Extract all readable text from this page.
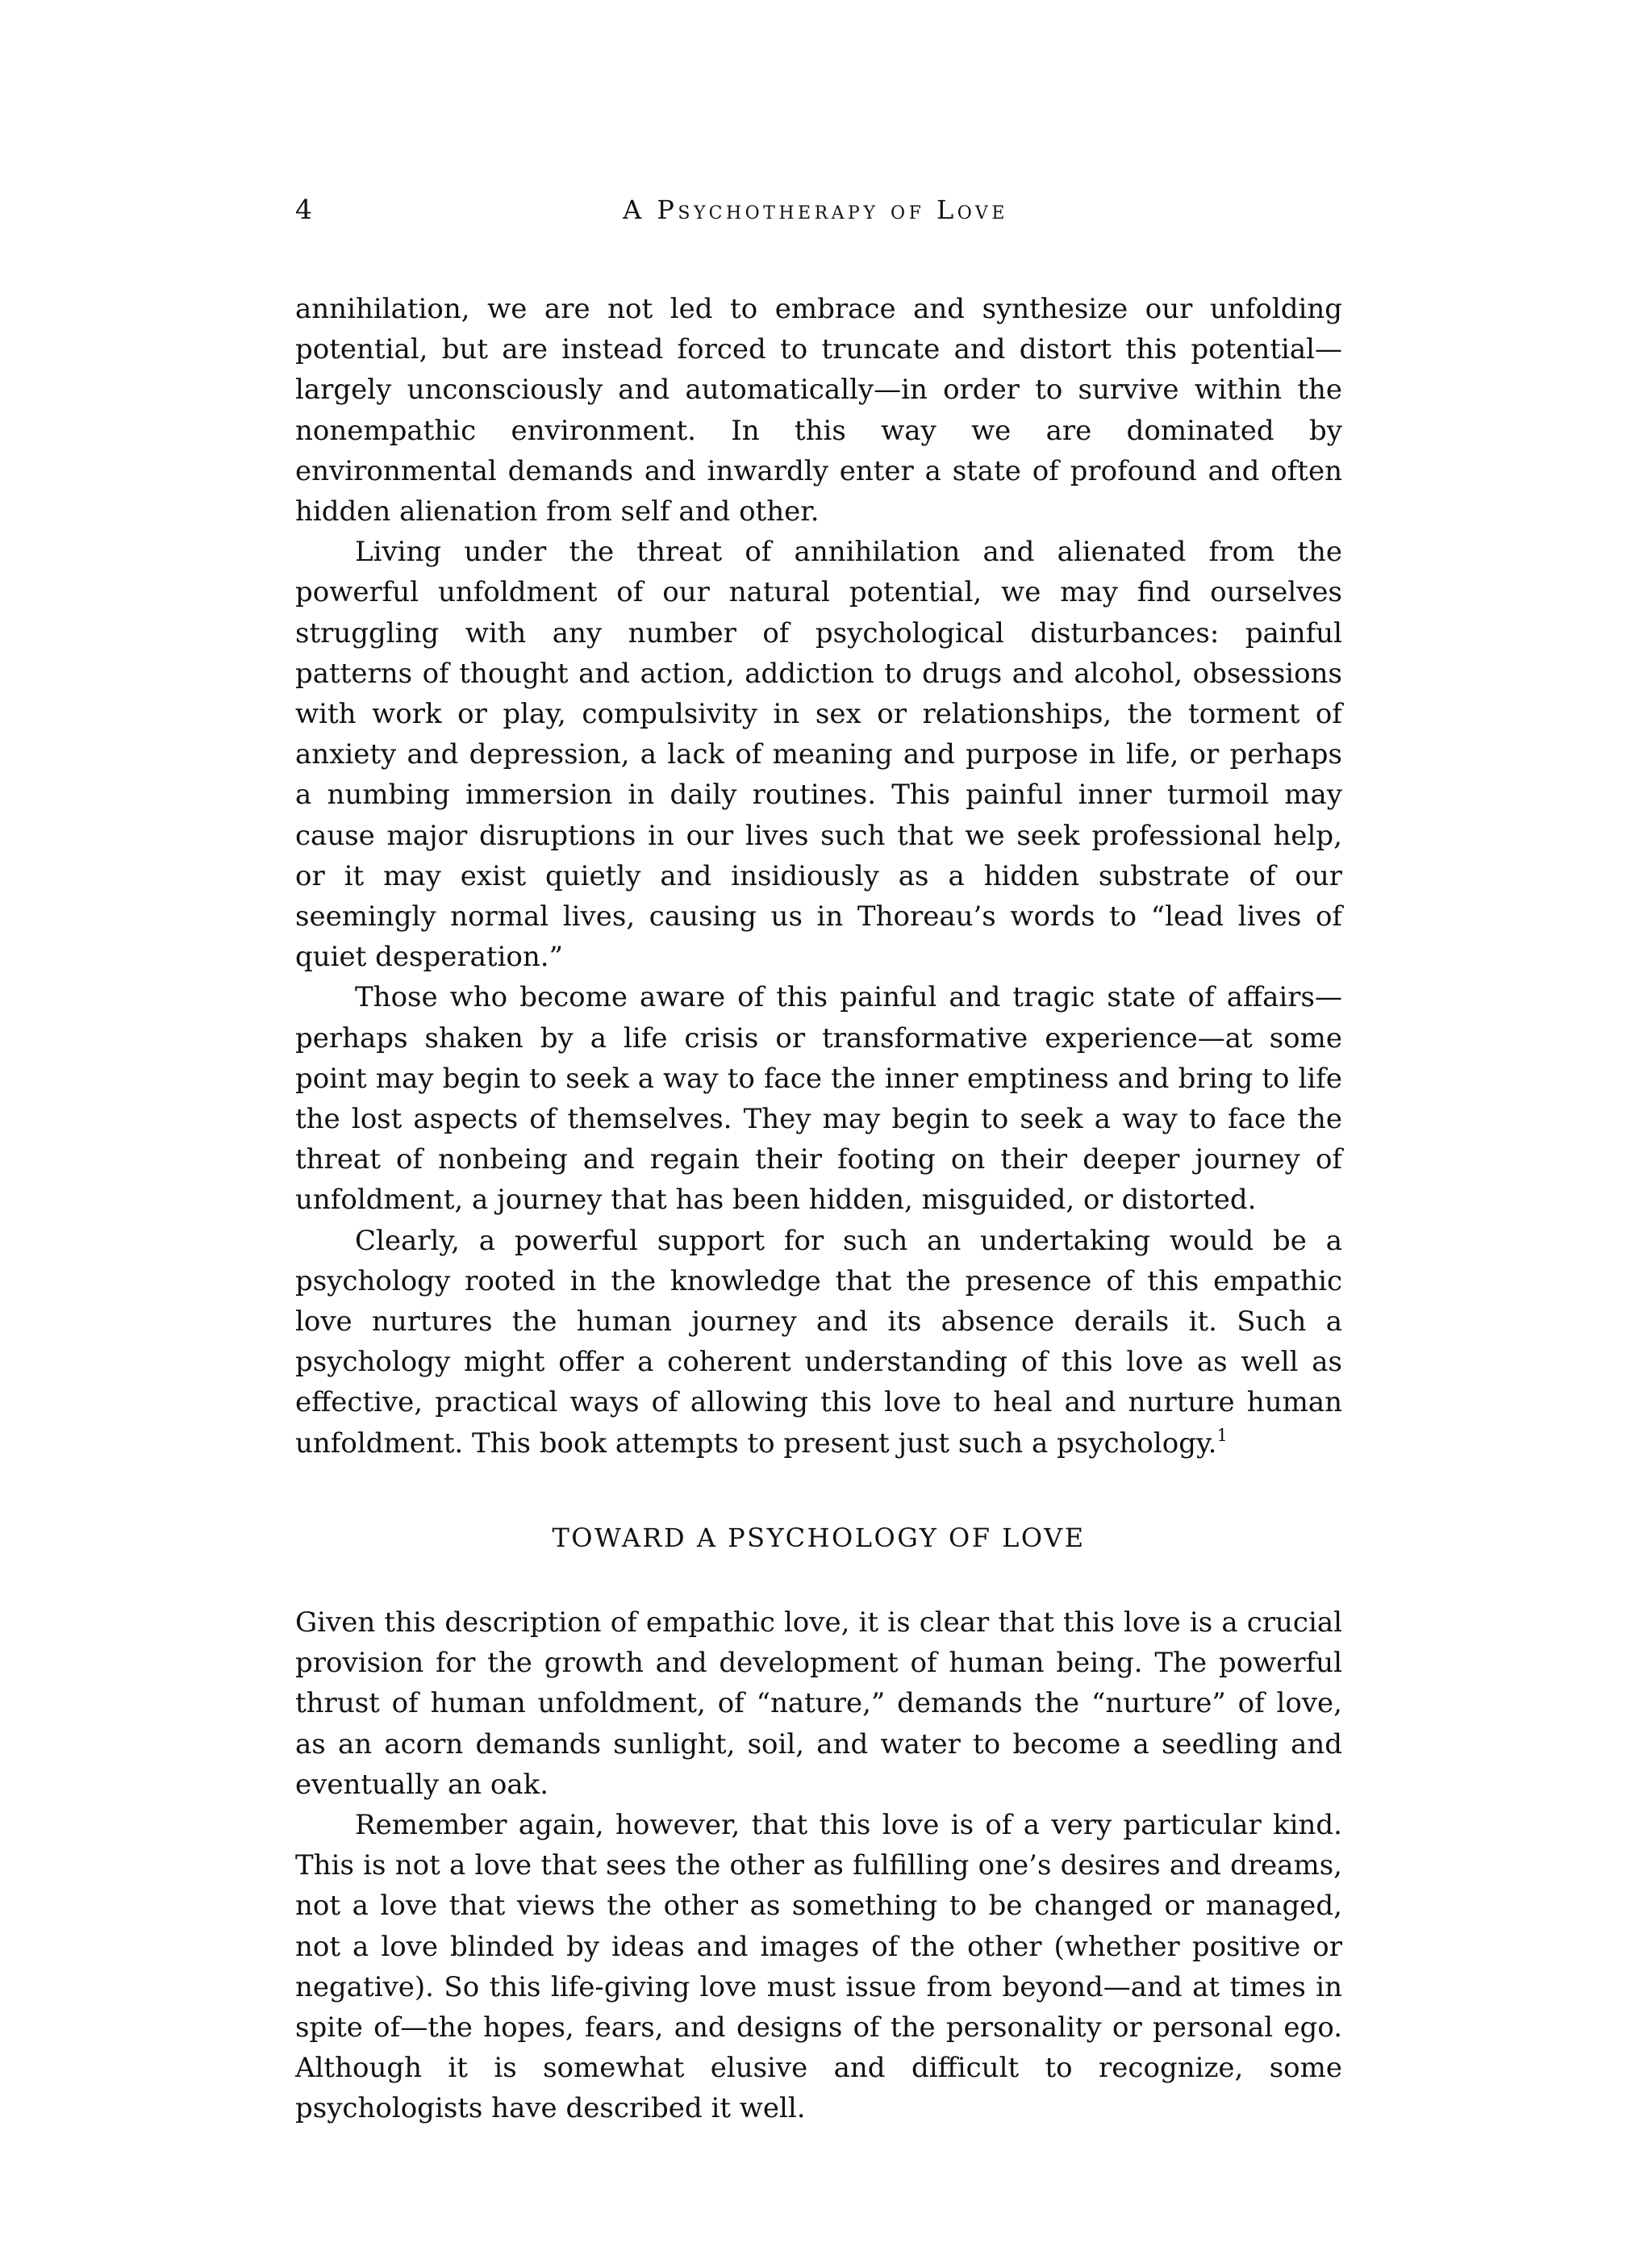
4	A Psychotherapy of Love

annihilation, we are not led to embrace and synthesize our unfolding potential, but are instead forced to truncate and distort this potential—largely unconsciously and automatically—in order to survive within the nonempathic environment. In this way we are dominated by environmental demands and inwardly enter a state of profound and often hidden alienation from self and other.

Living under the threat of annihilation and alienated from the powerful unfoldment of our natural potential, we may find ourselves struggling with any number of psychological disturbances: painful patterns of thought and action, addiction to drugs and alcohol, obsessions with work or play, compulsivity in sex or relationships, the torment of anxiety and depression, a lack of meaning and purpose in life, or perhaps a numbing immersion in daily routines. This painful inner turmoil may cause major disruptions in our lives such that we seek professional help, or it may exist quietly and insidiously as a hidden substrate of our seemingly normal lives, causing us in Thoreau’s words to “lead lives of quiet desperation.”

Those who become aware of this painful and tragic state of affairs—perhaps shaken by a life crisis or transformative experience—at some point may begin to seek a way to face the inner emptiness and bring to life the lost aspects of themselves. They may begin to seek a way to face the threat of nonbeing and regain their footing on their deeper journey of unfoldment, a journey that has been hidden, misguided, or distorted.

Clearly, a powerful support for such an undertaking would be a psychology rooted in the knowledge that the presence of this empathic love nurtures the human journey and its absence derails it. Such a psychology might offer a coherent understanding of this love as well as effective, practical ways of allowing this love to heal and nurture human unfoldment. This book attempts to present just such a psychology.$^1$

TOWARD A PSYCHOLOGY OF LOVE

Given this description of empathic love, it is clear that this love is a crucial provision for the growth and development of human being. The powerful thrust of human unfoldment, of “nature,” demands the “nurture” of love, as an acorn demands sunlight, soil, and water to become a seedling and eventually an oak.

Remember again, however, that this love is of a very particular kind. This is not a love that sees the other as fulfilling one’s desires and dreams, not a love that views the other as something to be changed or managed, not a love blinded by ideas and images of the other (whether positive or negative). So this life-giving love must issue from beyond—and at times in spite of—the hopes, fears, and designs of the personality or personal ego. Although it is somewhat elusive and difficult to recognize, some psychologists have described it well.
